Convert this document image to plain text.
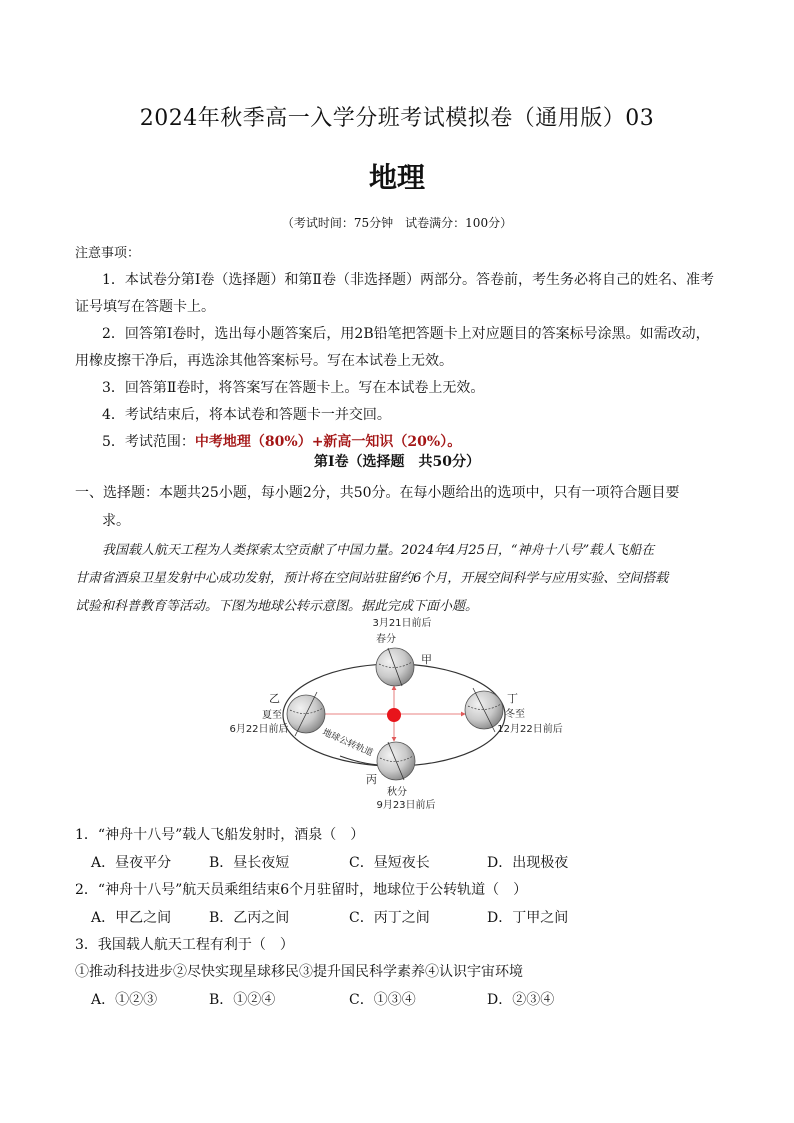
2024年秋季高一入学分班考试模拟卷（通用版）03
地理
（考试时间：75分钟　试卷满分：100分）
注意事项：
1．本试卷分第Ⅰ卷（选择题）和第Ⅱ卷（非选择题）两部分。答卷前，考生务必将自己的姓名、准考
证号填写在答题卡上。
2．回答第Ⅰ卷时，选出每小题答案后，用2B铅笔把答题卡上对应题目的答案标号涂黑。如需改动，
用橡皮擦干净后，再选涂其他答案标号。写在本试卷上无效。
3．回答第Ⅱ卷时，将答案写在答题卡上。写在本试卷上无效。
4．考试结束后，将本试卷和答题卡一并交回。
5．考试范围：中考地理（80%）+新高一知识（20%）。
第Ⅰ卷（选择题　共50分）
一、选择题：本题共25小题，每小题2分，共50分。在每小题给出的选项中，只有一项符合题目要
求。
我国载人航天工程为人类探索太空贡献了中国力量。2024年4月25日，“神舟十八号”载人飞船在
甘肃省酒泉卫星发射中心成功发射，预计将在空间站驻留约6个月，开展空间科学与应用实验、空间搭载
试验和科普教育等活动。下图为地球公转示意图。据此完成下面小题。
3月21日前后
春分
甲
乙
夏至
6月22日前后
丁
冬至
12月22日前后
丙
秋分
9月23日前后
地球公转轨道
1．“神舟十八号”载人飞船发射时，酒泉（　）
A．昼夜平分	B．昼长夜短	C．昼短夜长	D．出现极夜
2．“神舟十八号”航天员乘组结束6个月驻留时，地球位于公转轨道（　）
A．甲乙之间	B．乙丙之间	C．丙丁之间	D．丁甲之间
3．我国载人航天工程有利于（　）
①推动科技进步②尽快实现星球移民③提升国民科学素养④认识宇宙环境
A．①②③	B．①②④	C．①③④	D．②③④
